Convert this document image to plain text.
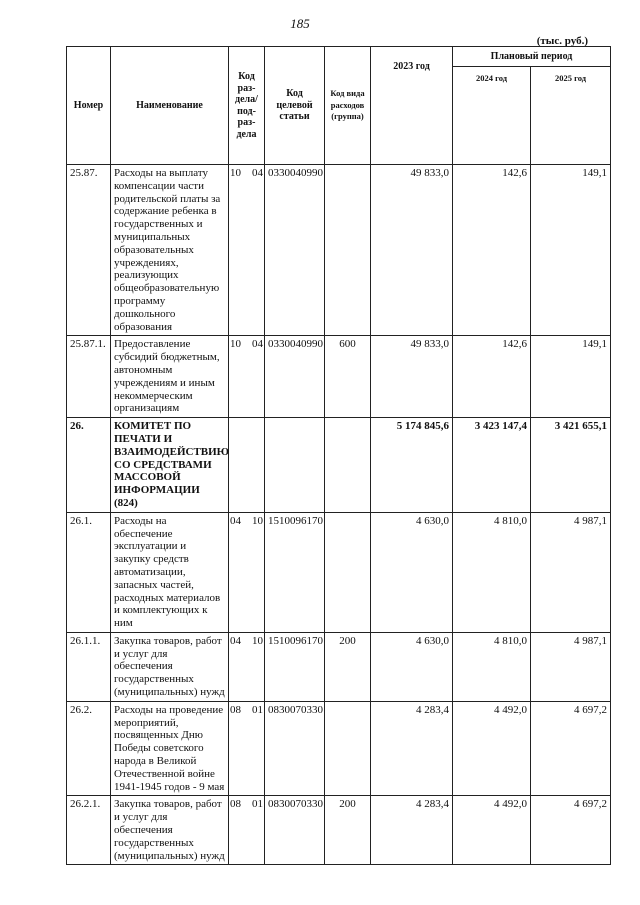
185
(тыс. руб.)
Номер	Наименование	Код раз-дела/ под-раз-дела	Код целевой статьи	Код вида расходов (группа)	2023 год	Плановый период	
						2024 год	2025 год
25.87.	Расходы на выплату компенсации части родительской платы за содержание ребенка в государственных и муниципальных образовательных учреждениях, реализующих общеобразовательную программу дошкольного образования	10 04	0330040990		49 833,0	142,6	149,1
25.87.1.	Предоставление субсидий бюджетным, автономным учреждениям и иным некоммерческим организациям	10 04	0330040990	600	49 833,0	142,6	149,1
26.	КОМИТЕТ ПО ПЕЧАТИ И ВЗАИМОДЕЙСТВИЮ СО СРЕДСТВАМИ МАССОВОЙ ИНФОРМАЦИИ (824)				5 174 845,6	3 423 147,4	3 421 655,1
26.1.	Расходы на обеспечение эксплуатации и закупку средств автоматизации, запасных частей, расходных материалов и комплектующих к ним	04 10	1510096170		4 630,0	4 810,0	4 987,1
26.1.1.	Закупка товаров, работ и услуг для обеспечения государственных (муниципальных) нужд	04 10	1510096170	200	4 630,0	4 810,0	4 987,1
26.2.	Расходы на проведение мероприятий, посвященных Дню Победы советского народа в Великой Отечественной войне 1941-1945 годов - 9 мая	08 01	0830070330		4 283,4	4 492,0	4 697,2
26.2.1.	Закупка товаров, работ и услуг для обеспечения государственных (муниципальных) нужд	08 01	0830070330	200	4 283,4	4 492,0	4 697,2
